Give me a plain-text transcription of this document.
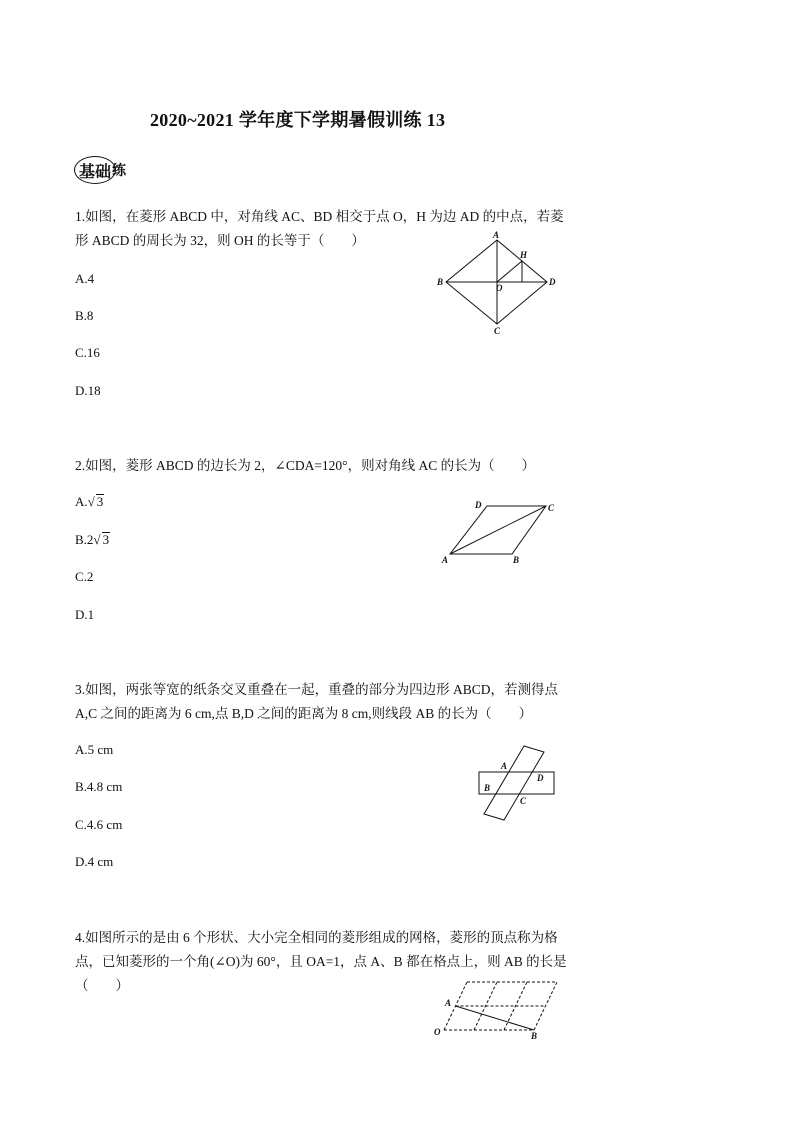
2020~2021 学年度下学期暑假训练 13
基础 练
1.如图，在菱形 ABCD 中，对角线 AC、BD 相交于点 O，H 为边 AD 的中点，若菱形 ABCD 的周长为 32，则 OH 的长等于（　　）
A.4
B.8
C.16
D.18
A
B
C
D
O
H
2.如图，菱形 ABCD 的边长为 2，∠CDA=120°，则对角线 AC 的长为（　　）
A.√ 3
B.2√ 3
C.2
D.1
A	B
C
D
3.如图，两张等宽的纸条交叉重叠在一起，重叠的部分为四边形 ABCD，若测得点 A,C 之间的距离为 6 cm,点 B,D 之间的距离为 8 cm,则线段 AB 的长为（　　）
A.5 cm
B.4.8 cm
C.4.6 cm
D.4 cm
A
B
C
D
4.如图所示的是由 6 个形状、大小完全相同的菱形组成的网格，菱形的顶点称为格点，已知菱形的一个角(∠O)为 60°，且 OA=1，点 A、B 都在格点上，则 AB 的长是（　　）
A
O	B
